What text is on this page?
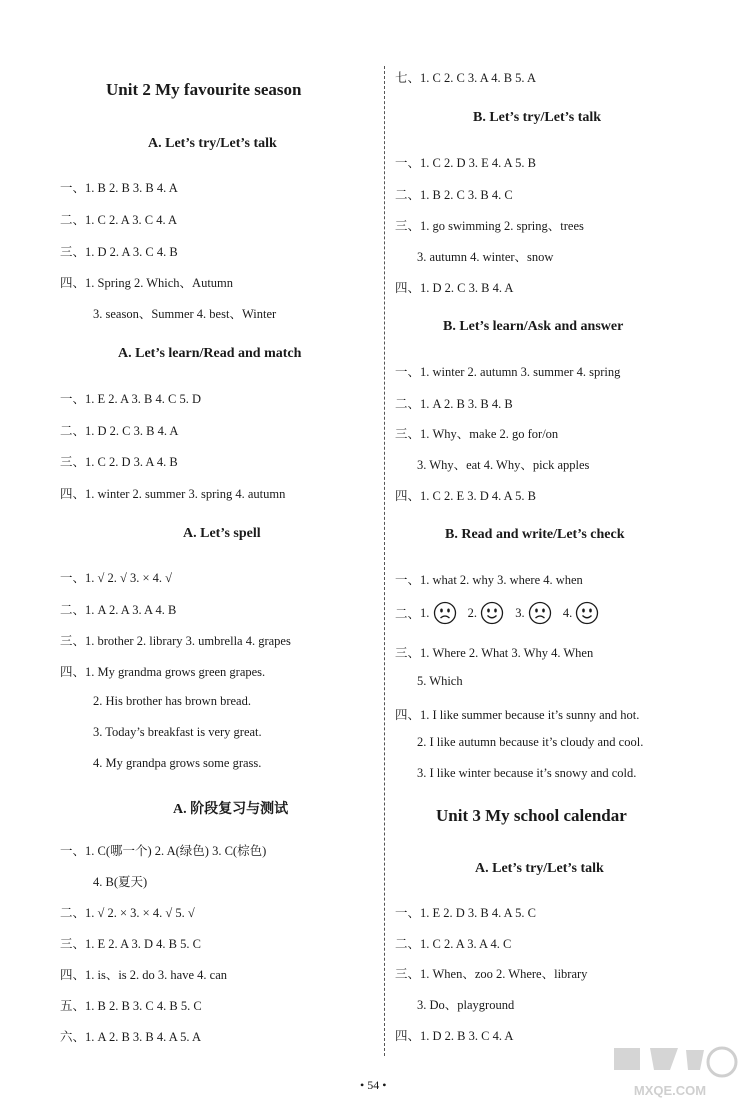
Unit 2 My favourite season
A. Let’s try/Let’s talk
一、1. B 2. B 3. B 4. A
二、1. C 2. A 3. C 4. A
三、1. D 2. A 3. C 4. B
四、1. Spring 2. Which、Autumn
3. season、Summer 4. best、Winter
A. Let’s learn/Read and match
一、1. E 2. A 3. B 4. C 5. D
二、1. D 2. C 3. B 4. A
三、1. C 2. D 3. A 4. B
四、1. winter 2. summer 3. spring 4. autumn
A. Let’s spell
一、1. √ 2. √ 3. × 4. √
二、1. A 2. A 3. A 4. B
三、1. brother 2. library 3. umbrella 4. grapes
四、1. My grandma grows green grapes.
2. His brother has brown bread.
3. Today’s breakfast is very great.
4. My grandpa grows some grass.
A. 阶段复习与测试
一、1. C(哪一个) 2. A(绿色) 3. C(棕色)
4. B(夏天)
二、1. √ 2. × 3. × 4. √ 5. √
三、1. E 2. A 3. D 4. B 5. C
四、1. is、is 2. do 3. have 4. can
五、1. B 2. B 3. C 4. B 5. C
六、1. A 2. B 3. B 4. A 5. A
七、1. C 2. C 3. A 4. B 5. A
B. Let’s try/Let’s talk
一、1. C 2. D 3. E 4. A 5. B
二、1. B 2. C 3. B 4. C
三、1. go swimming 2. spring、trees
3. autumn 4. winter、snow
四、1. D 2. C 3. B 4. A
B. Let’s learn/Ask and answer
一、1. winter 2. autumn 3. summer 4. spring
二、1. A 2. B 3. B 4. B
三、1. Why、make 2. go for/on
3. Why、eat 4. Why、pick apples
四、1. C 2. E 3. D 4. A 5. B
B. Read and write/Let’s check
一、1. what 2. why 3. where 4. when
二、1.	2.	3.	4.
三、1. Where 2. What 3. Why 4. When
5. Which
四、1. I like summer because it’s sunny and hot.
2. I like autumn because it’s cloudy and cool.
3. I like winter because it’s snowy and cold.
Unit 3 My school calendar
A. Let’s try/Let’s talk
一、1. E 2. D 3. B 4. A 5. C
二、1. C 2. A 3. A 4. C
三、1. When、zoo 2. Where、library
3. Do、playground
四、1. D 2. B 3. C 4. A
• 54 •	MXQE.COM
